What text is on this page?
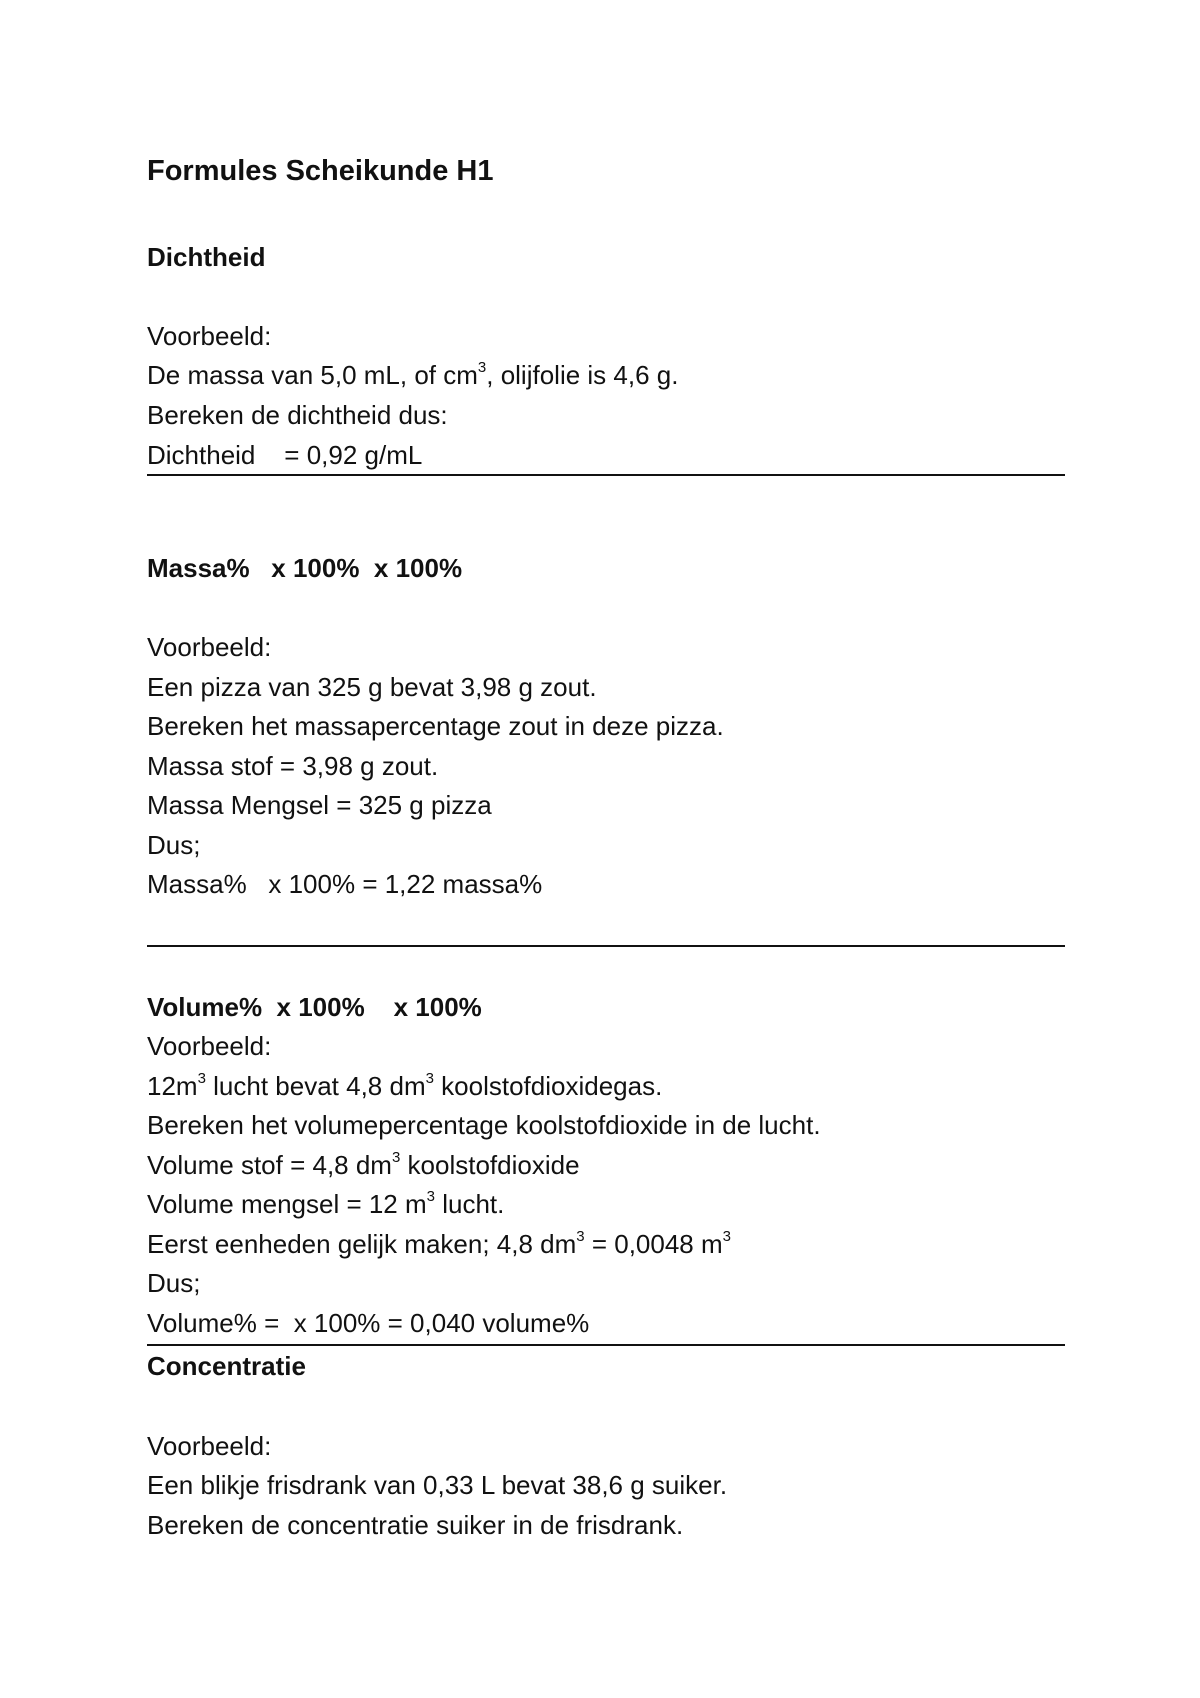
Formules Scheikunde H1
Dichtheid
Voorbeeld:
De massa van 5,0 mL, of $cm^3$, olijfolie is 4,6 g.
Bereken de dichtheid dus:
Dichtheid    = 0,92 g/mL
Massa%   x 100%  x 100%
Voorbeeld:
Een pizza van 325 g bevat 3,98 g zout.
Bereken het massapercentage zout in deze pizza.
Massa stof = 3,98 g zout.
Massa Mengsel = 325 g pizza
Dus;
Massa%   x 100% = 1,22 massa%
Volume%  x 100%    x 100%
Voorbeeld:
$12m^3$ lucht bevat 4,8 $dm^3$ koolstofdioxidegas.
Bereken het volumepercentage koolstofdioxide in de lucht.
Volume stof = 4,8 $dm^3$ koolstofdioxide
Volume mengsel = 12 $m^3$ lucht.
Eerst eenheden gelijk maken; 4,8 $dm^3 = 0,0048$ $m^3$
Dus;
Volume% =  x 100% = 0,040 volume%
Concentratie
Voorbeeld:
Een blikje frisdrank van 0,33 L bevat 38,6 g suiker.
Bereken de concentratie suiker in de frisdrank.
